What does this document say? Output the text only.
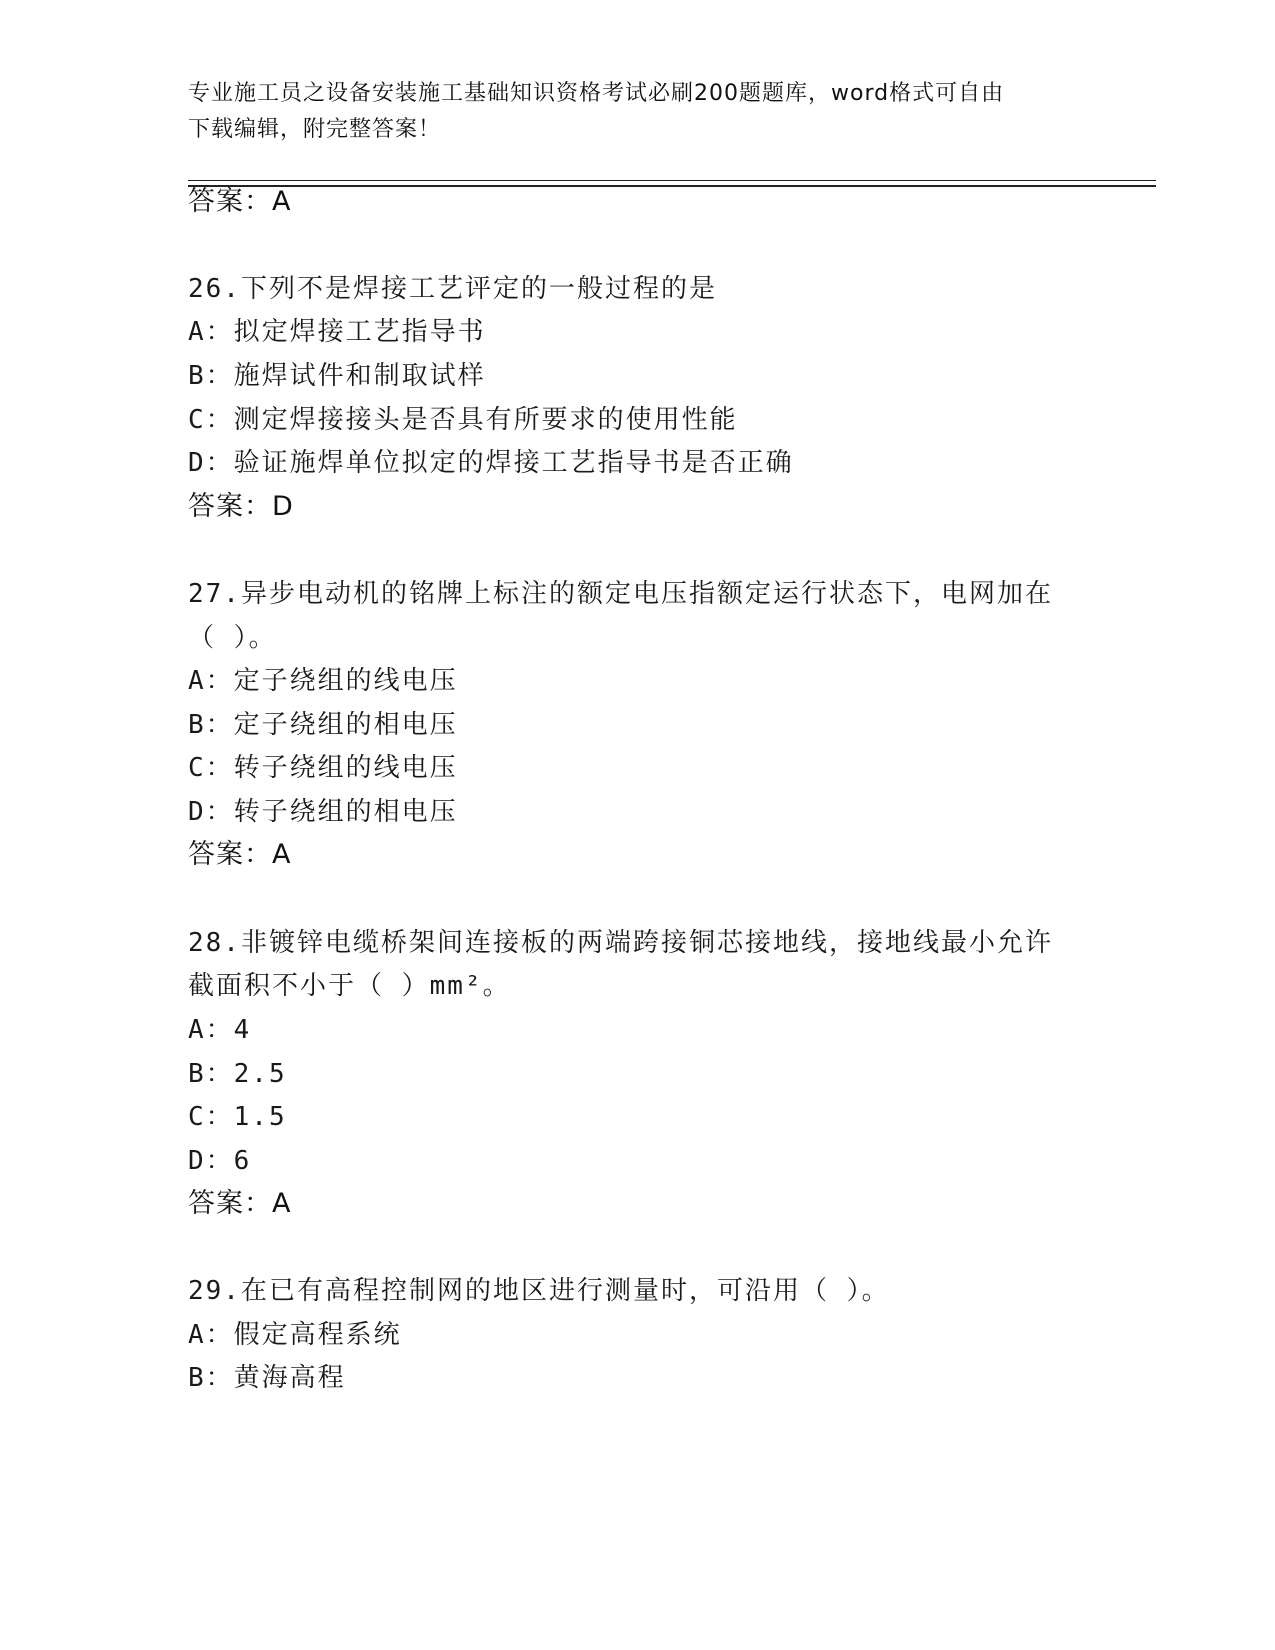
专业施工员之设备安装施工基础知识资格考试必刷200题题库，word格式可自由
下载编辑，附完整答案！
答案：A
26.下列不是焊接工艺评定的一般过程的是
A：拟定焊接工艺指导书
B：施焊试件和制取试样
C：测定焊接接头是否具有所要求的使用性能
D：验证施焊单位拟定的焊接工艺指导书是否正确
答案：D
27.异步电动机的铭牌上标注的额定电压指额定运行状态下，电网加在
（ ）。
A：定子绕组的线电压
B：定子绕组的相电压
C：转子绕组的线电压
D：转子绕组的相电压
答案：A
28.非镀锌电缆桥架间连接板的两端跨接铜芯接地线，接地线最小允许
截面积不小于（ ）mm²。
A：4
B：2.5
C：1.5
D：6
答案：A
29.在已有高程控制网的地区进行测量时，可沿用（ ）。
A：假定高程系统
B：黄海高程
